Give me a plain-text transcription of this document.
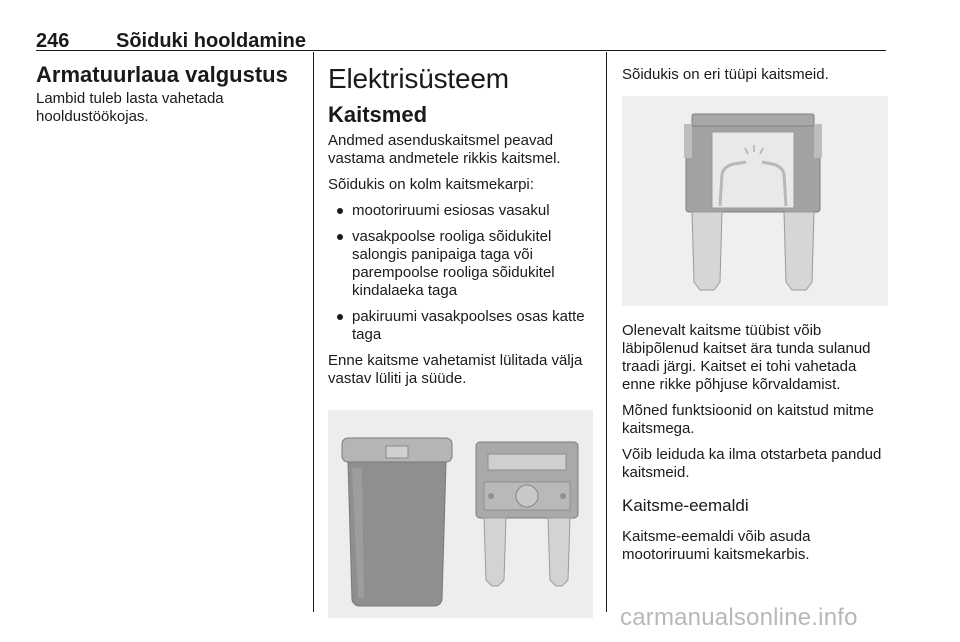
246 Sõiduki hooldamine
Armatuurlaua valgustus

Lambid tuleb lasta vahetada hooldustöökojas.

Elektrisüsteem
Kaitsmed

Andmed asenduskaitsmel peavad vastama andmetele rikkis kaitsmel.

Sõidukis on kolm kaitsmekarpi:

mootoriruumi esiosas vasakul
vasakpoolse rooliga sõidukitel salongis panipaiga taga või parempoolse rooliga sõidukitel kindalaeka taga
pakiruumi vasakpoolses osas katte taga

Enne kaitsme vahetamist lülitada välja vastav lüliti ja süüde.

Sõidukis on eri tüüpi kaitsmeid.

Olenevalt kaitsme tüübist võib läbipõlenud kaitset ära tunda sulanud traadi järgi. Kaitset ei tohi vahetada enne rikke põhjuse kõrvaldamist.

Mõned funktsioonid on kaitstud mitme kaitsmega.

Võib leiduda ka ilma otstarbeta pandud kaitsmeid.

Kaitsme-eemaldi

Kaitsme-eemaldi võib asuda mootoriruumi kaitsmekarbis.

carmanualsonline.info
